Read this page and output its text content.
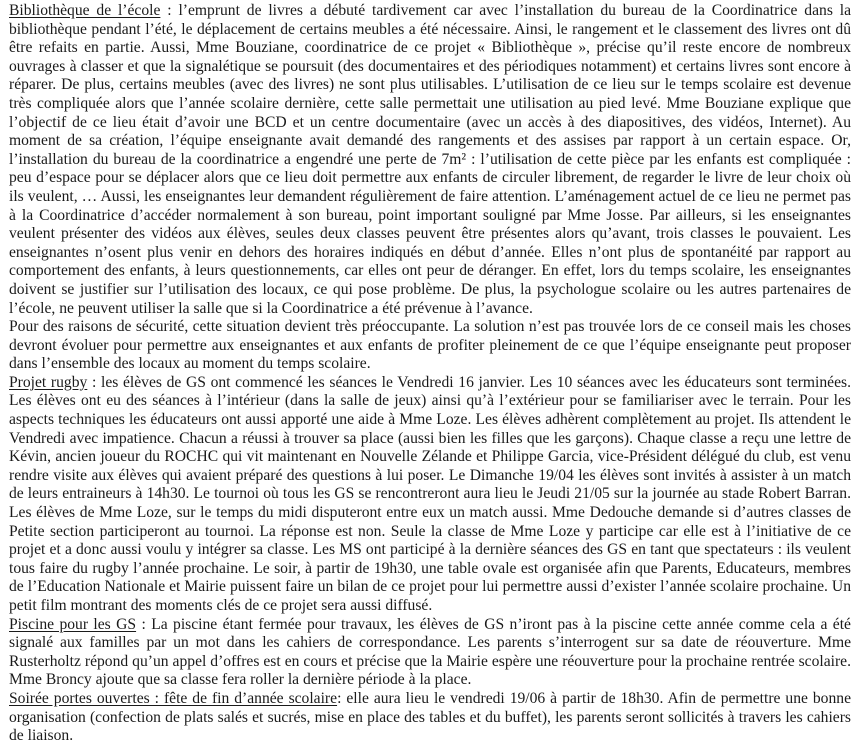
Bibliothèque de l’école : l’emprunt de livres a débuté tardivement car avec l’installation du bureau de la Coordinatrice dans la bibliothèque pendant l’été, le déplacement de certains meubles a été nécessaire. Ainsi, le rangement et le classement des livres ont dû être refaits en partie. Aussi, Mme Bouziane, coordinatrice de ce projet « Bibliothèque », précise qu’il reste encore de nombreux ouvrages à classer et que la signalétique se poursuit (des documentaires et des périodiques notamment) et certains livres sont encore à réparer. De plus, certains meubles (avec des livres) ne sont plus utilisables. L’utilisation de ce lieu sur le temps scolaire est devenue très compliquée alors que l’année scolaire dernière, cette salle permettait une utilisation au pied levé. Mme Bouziane explique que l’objectif de ce lieu était d’avoir une BCD et un centre documentaire (avec un accès à des diapositives, des vidéos, Internet). Au moment de sa création, l’équipe enseignante avait demandé des rangements et des assises par rapport à un certain espace. Or, l’installation du bureau de la coordinatrice a engendré une perte de 7m² : l’utilisation de cette pièce par les enfants est compliquée : peu d’espace pour se déplacer alors que ce lieu doit permettre aux enfants de circuler librement, de regarder le livre de leur choix où ils veulent, … Aussi, les enseignantes leur demandent régulièrement de faire attention. L’aménagement actuel de ce lieu ne permet pas à la Coordinatrice d’accéder normalement à son bureau, point important souligné par Mme Josse. Par ailleurs, si les enseignantes veulent présenter des vidéos aux élèves, seules deux classes peuvent être présentes alors qu’avant, trois classes le pouvaient. Les enseignantes n’osent plus venir en dehors des horaires indiqués en début d’année. Elles n’ont plus de spontanéité par rapport au comportement des enfants, à leurs questionnements, car elles ont peur de déranger. En effet, lors du temps scolaire, les enseignantes doivent se justifier sur l’utilisation des locaux, ce qui pose problème. De plus, la psychologue scolaire ou les autres partenaires de l’école, ne peuvent utiliser la salle que si la Coordinatrice a été prévenue à l’avance.

Pour des raisons de sécurité, cette situation devient très préoccupante. La solution n’est pas trouvée lors de ce conseil mais les choses devront évoluer pour permettre aux enseignantes et aux enfants de profiter pleinement de ce que l’équipe enseignante peut proposer dans l’ensemble des locaux au moment du temps scolaire.

Projet rugby : les élèves de GS ont commencé les séances le Vendredi 16 janvier. Les 10 séances avec les éducateurs sont terminées. Les élèves ont eu des séances à l’intérieur (dans la salle de jeux) ainsi qu’à l’extérieur pour se familiariser avec le terrain. Pour les aspects techniques les éducateurs ont aussi apporté une aide à Mme Loze. Les élèves adhèrent complètement au projet. Ils attendent le Vendredi avec impatience. Chacun a réussi à trouver sa place (aussi bien les filles que les garçons). Chaque classe a reçu une lettre de Kévin, ancien joueur du ROCHC qui vit maintenant en Nouvelle Zélande et Philippe Garcia, vice-Président délégué du club, est venu rendre visite aux élèves qui avaient préparé des questions à lui poser. Le Dimanche 19/04 les élèves sont invités à assister à un match de leurs entraineurs à 14h30. Le tournoi où tous les GS se rencontreront aura lieu le Jeudi 21/05 sur la journée au stade Robert Barran. Les élèves de Mme Loze, sur le temps du midi disputeront entre eux un match aussi. Mme Dedouche demande si d’autres classes de Petite section participeront au tournoi. La réponse est non. Seule la classe de Mme Loze y participe car elle est à l’initiative de ce projet et a donc aussi voulu y intégrer sa classe. Les MS ont participé à la dernière séances des GS en tant que spectateurs : ils veulent tous faire du rugby l’année prochaine. Le soir, à partir de 19h30, une table ovale est organisée afin que Parents, Educateurs, membres de l’Education Nationale et Mairie puissent faire un bilan de ce projet pour lui permettre aussi d’exister l’année scolaire prochaine. Un petit film montrant des moments clés de ce projet sera aussi diffusé.

Piscine pour les GS : La piscine étant fermée pour travaux, les élèves de GS n’iront pas à la piscine cette année comme cela a été signalé aux familles par un mot dans les cahiers de correspondance. Les parents s’interrogent sur sa date de réouverture. Mme Rusterholtz répond qu’un appel d’offres est en cours et précise que la Mairie espère une réouverture pour la prochaine rentrée scolaire. Mme Broncy ajoute que sa classe fera roller la dernière période à la place.

Soirée portes ouvertes : fête de fin d’année scolaire: elle aura lieu le vendredi 19/06 à partir de 18h30. Afin de permettre une bonne organisation (confection de plats salés et sucrés, mise en place des tables et du buffet), les parents seront sollicités à travers les cahiers de liaison.
